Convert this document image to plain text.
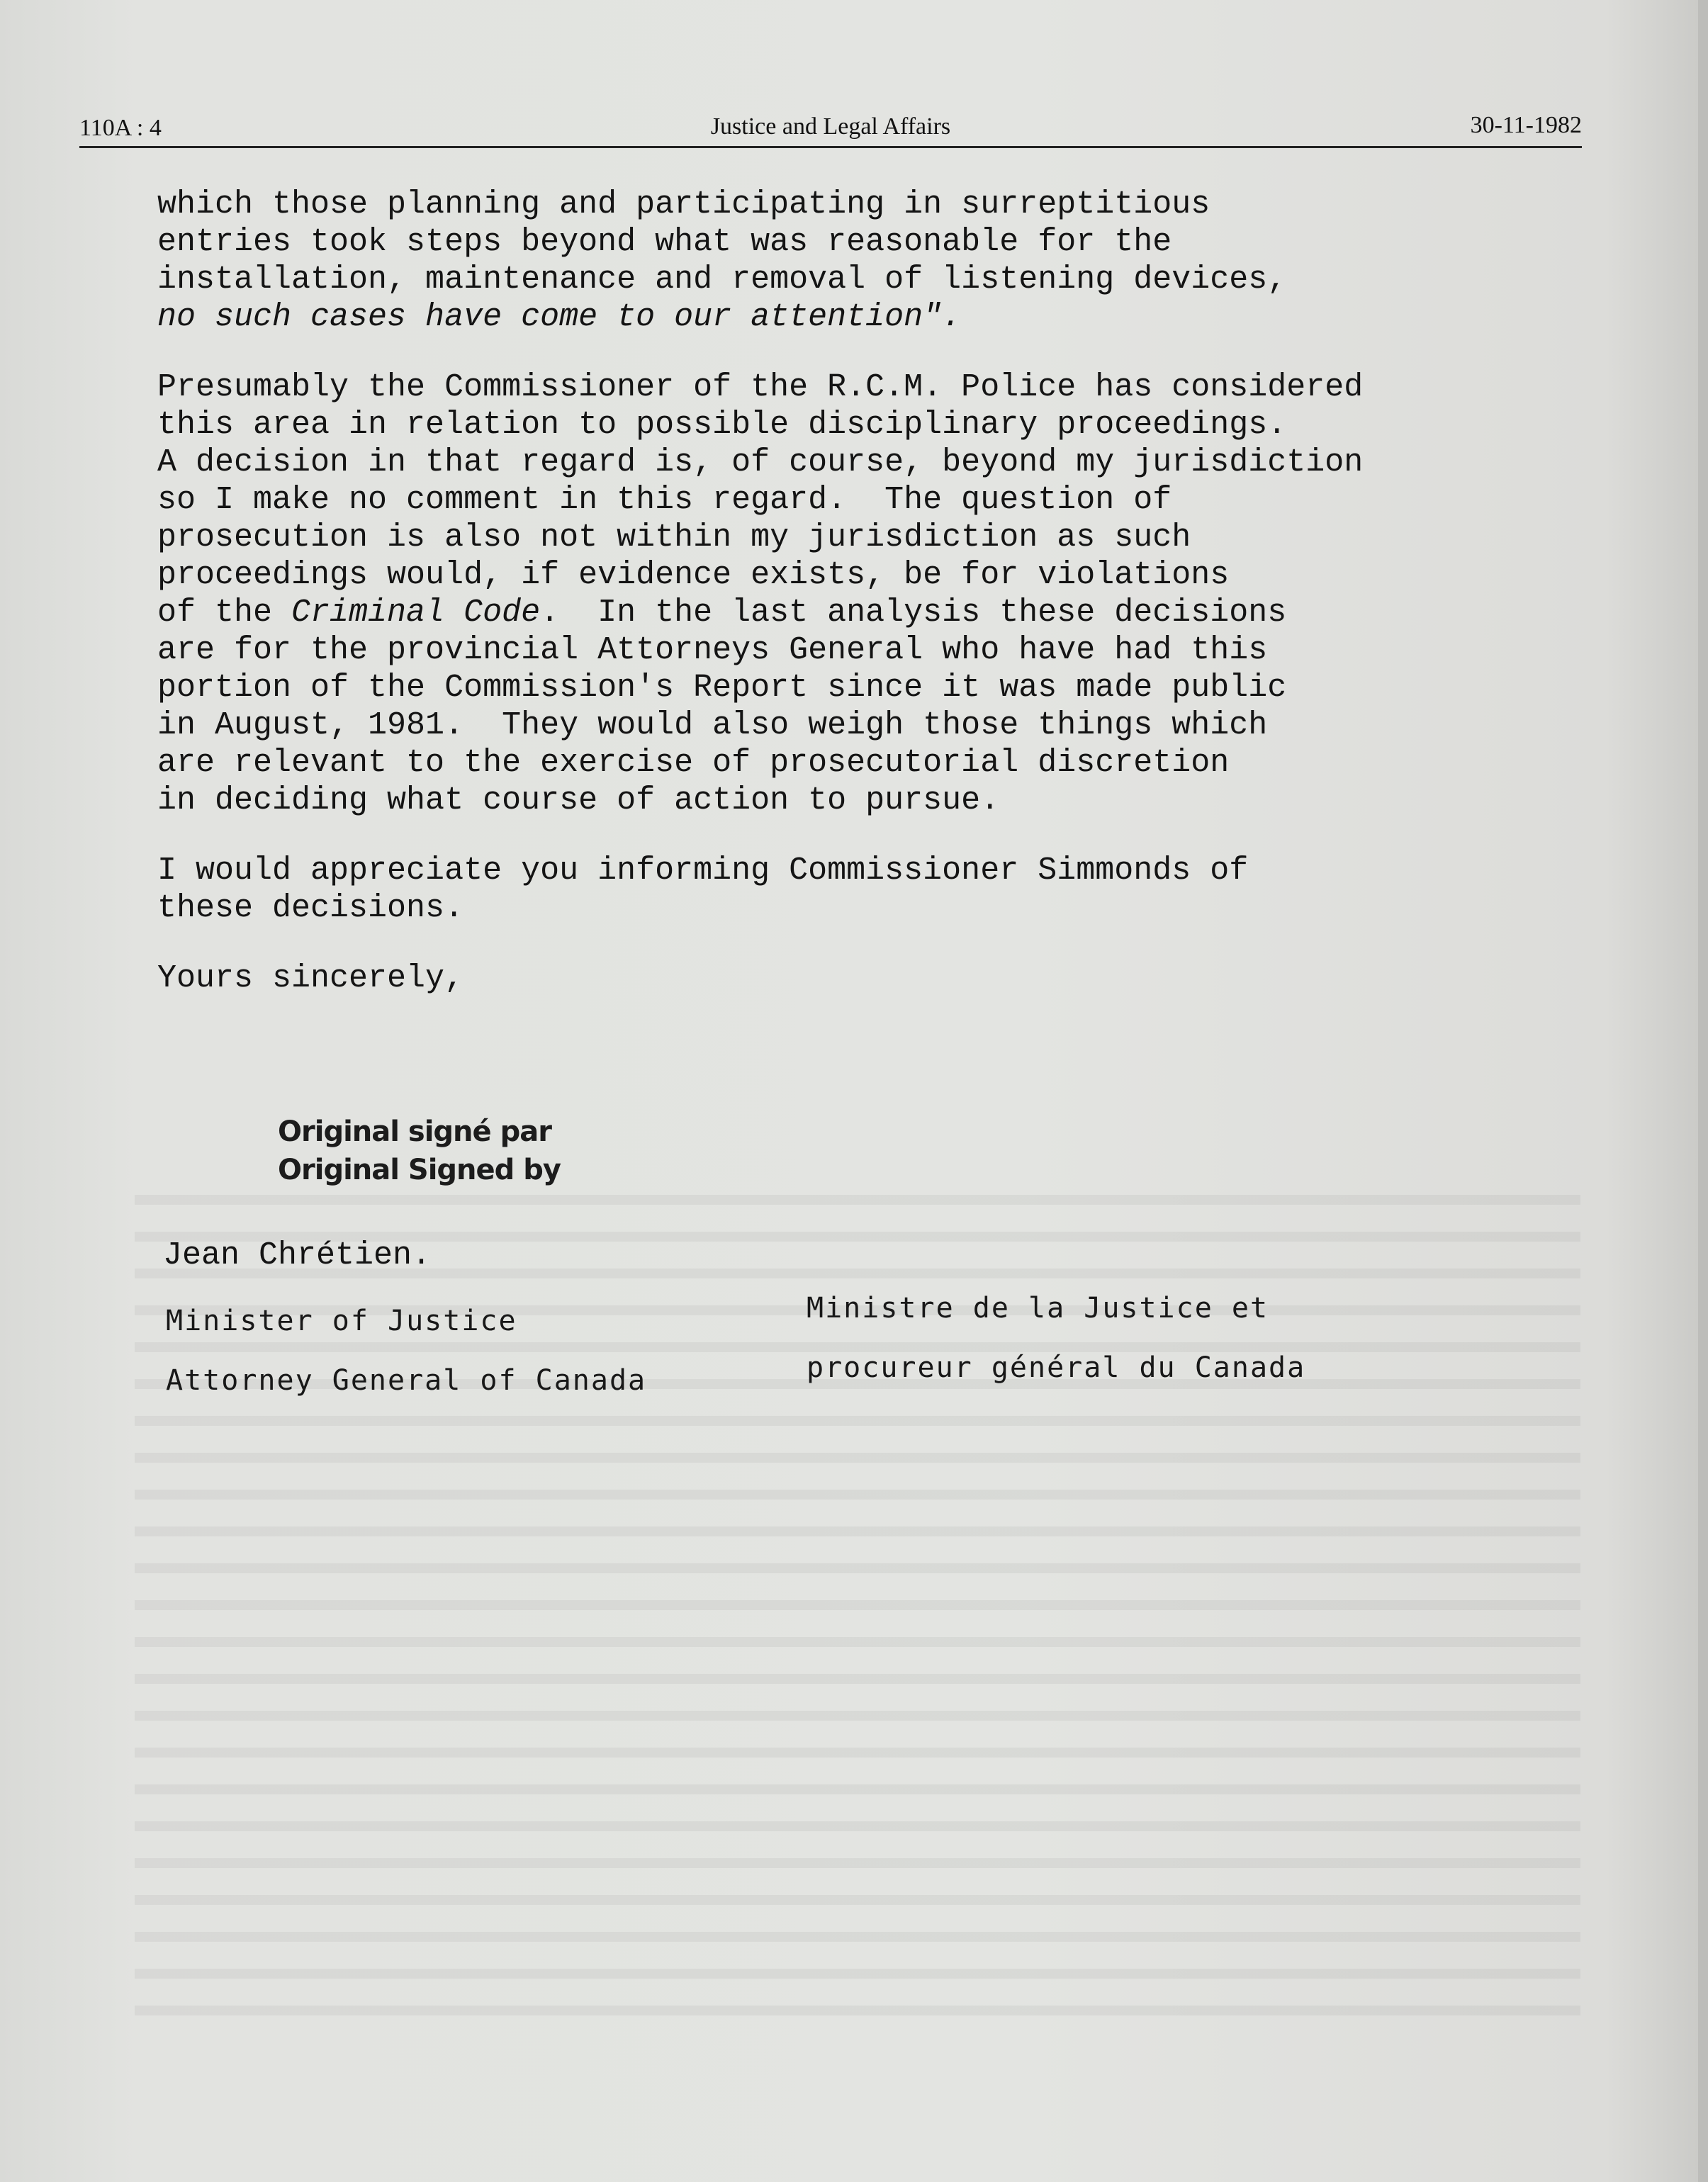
110A : 4	Justice and Legal Affairs	30-11-1982

which those planning and participating in surreptitious
entries took steps beyond what was reasonable for the
installation, maintenance and removal of listening devices,
no such cases have come to our attention".

Presumably the Commissioner of the R.C.M. Police has considered
this area in relation to possible disciplinary proceedings.
A decision in that regard is, of course, beyond my jurisdiction
so I make no comment in this regard.  The question of
prosecution is also not within my jurisdiction as such
proceedings would, if evidence exists, be for violations
of the Criminal Code.  In the last analysis these decisions
are for the provincial Attorneys General who have had this
portion of the Commission's Report since it was made public
in August, 1981.  They would also weigh those things which
are relevant to the exercise of prosecutorial discretion
in deciding what course of action to pursue.

I would appreciate you informing Commissioner Simmonds of
these decisions.

Yours sincerely,

Original signé par
Original Signed by
Jean Chrétien.
Minister of Justice
Attorney General of Canada
Ministre de la Justice et
procureur général du Canada
